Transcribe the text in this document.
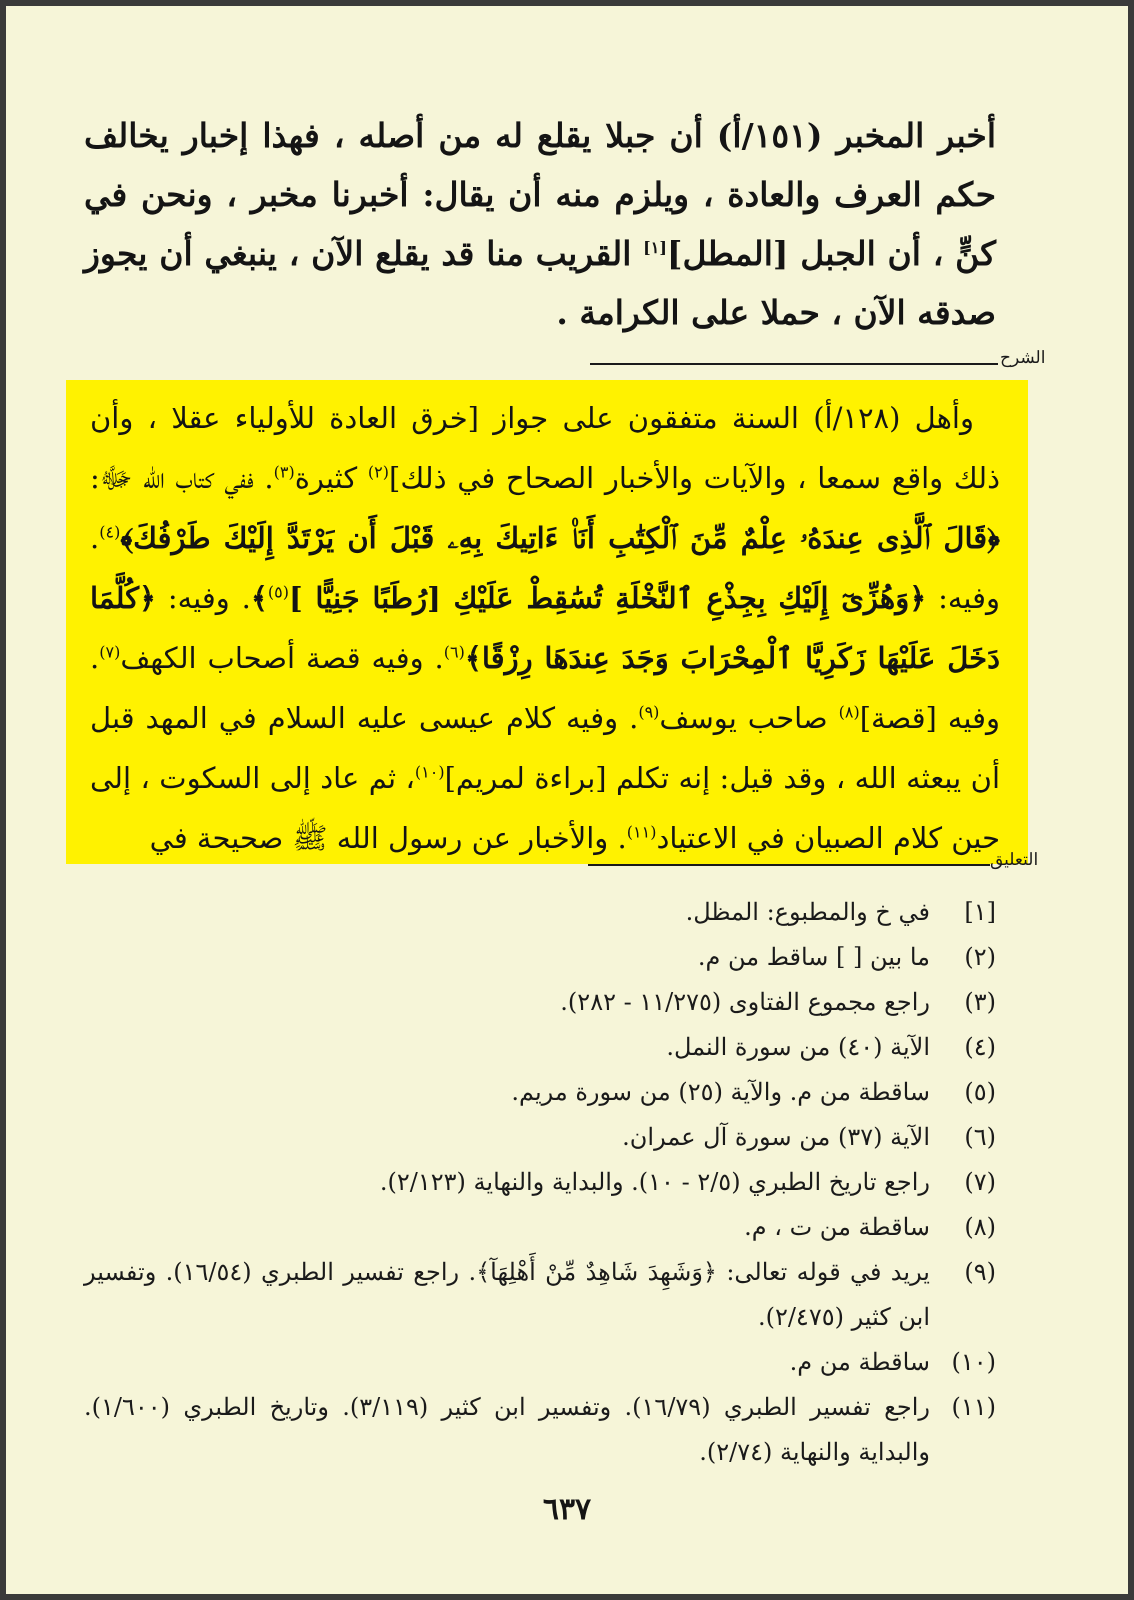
أخبر المخبر (١٥١/أ) أن جبلا يقلع له من أصله ، فهذا إخبار يخالف حكم العرف والعادة ، ويلزم منه أن يقال: أخبرنا مخبر ، ونحن في كنٍّ ، أن الجبل [المطل][١] القريب منا قد يقلع الآن ، ينبغي أن يجوز صدقه الآن ، حملا على الكرامة .

الشرح

وأهل (١٢٨/أ) السنة متفقون على جواز [خرق العادة للأولياء عقلا ، وأن ذلك واقع سمعا ، والآيات والأخبار الصحاح في ذلك]$^{(٢)}$ كثيرة$^{(٣)}$. ففي كتاب الله ﷻ: ﴿قَالَ ٱلَّذِى عِندَهُۥ عِلْمٌ مِّنَ ٱلْكِتَٰبِ أَنَا۠ ءَاتِيكَ بِهِۦ قَبْلَ أَن يَرْتَدَّ إِلَيْكَ طَرْفُكَ﴾$^{(٤)}$. وفيه: ﴿وَهُزِّىٓ إِلَيْكِ بِجِذْعِ ٱلنَّخْلَةِ تُسَٰقِطْ عَلَيْكِ [رُطَبًا جَنِيًّا ]$^{(٥)}$﴾. وفيه: ﴿كُلَّمَا دَخَلَ عَلَيْهَا زَكَرِيَّا ٱلْمِحْرَابَ وَجَدَ عِندَهَا رِزْقًا﴾$^{(٦)}$. وفيه قصة أصحاب الكهف$^{(٧)}$. وفيه [قصة]$^{(٨)}$ صاحب يوسف$^{(٩)}$. وفيه كلام عيسى عليه السلام في المهد قبل أن يبعثه الله ، وقد قيل: إنه تكلم [براءة لمريم]$^{(١٠)}$، ثم عاد إلى السكوت ، إلى حين كلام الصبيان في الاعتياد$^{(١١)}$. والأخبار عن رسول الله ﷺ صحيحة في

التعليق
[١]
في خ والمطبوع: المظل.
(٢)
ما بين [ ] ساقط من م.
(٣)
راجع مجموع الفتاوى (١١/٢٧٥ - ٢٨٢).
(٤)
الآية (٤٠) من سورة النمل.
(٥)
ساقطة من م. والآية (٢٥) من سورة مريم.
(٦)
الآية (٣٧) من سورة آل عمران.
(٧)
راجع تاريخ الطبري (٢/٥ - ١٠). والبداية والنهاية (٢/١٢٣).
(٨)
ساقطة من ت ، م.
(٩)
يريد في قوله تعالى: ﴿وَشَهِدَ شَاهِدٌ مِّنْ أَهْلِهَآ﴾. راجع تفسير الطبري (١٦/٥٤). وتفسير ابن كثير (٢/٤٧٥).
(١٠)
ساقطة من م.
(١١)
راجع تفسير الطبري (١٦/٧٩). وتفسير ابن كثير (٣/١١٩). وتاريخ الطبري (١/٦٠٠). والبداية والنهاية (٢/٧٤).
٦٣٧
